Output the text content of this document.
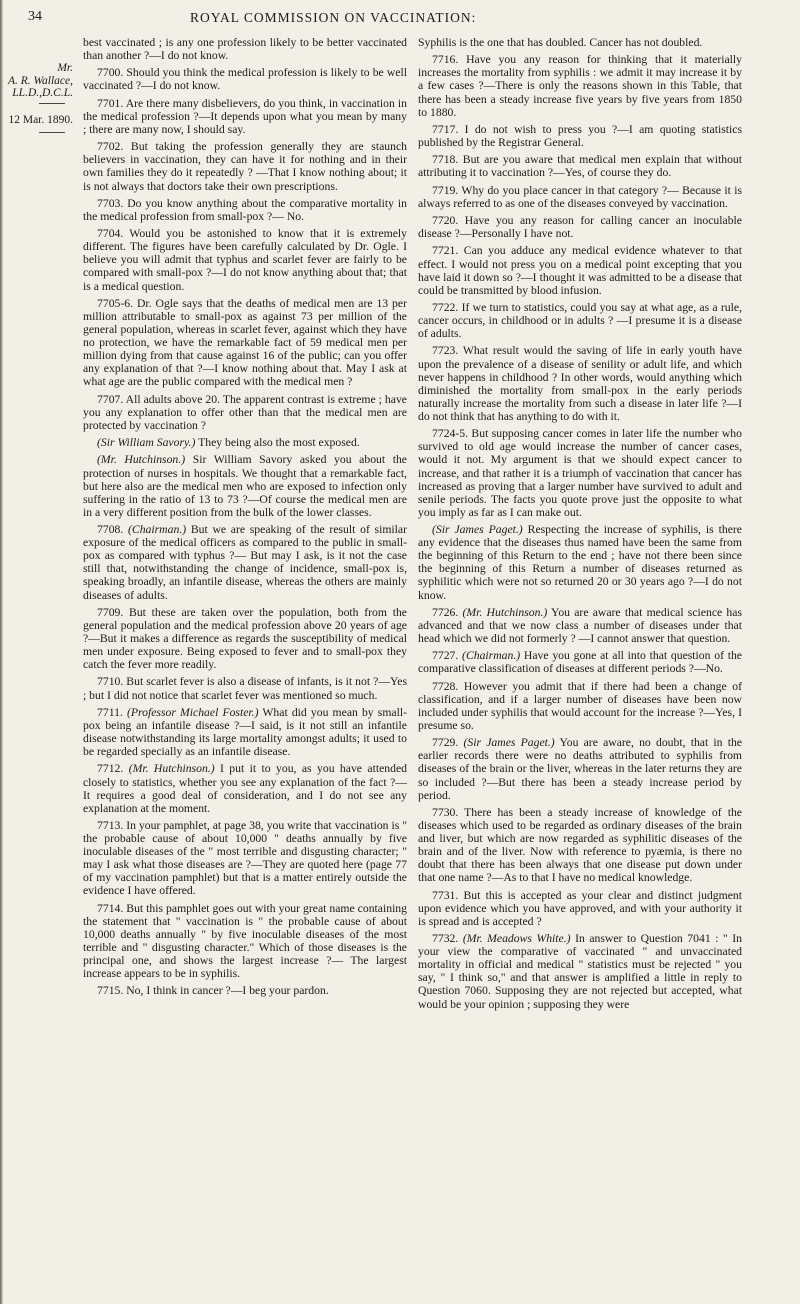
34	ROYAL COMMISSION ON VACCINATION:
Mr.
A. R. Wallace,
LL.D.,D.C.L.
12 Mar. 1890.

best vaccinated ; is any one profession likely to be better vaccinated than another ?—I do not know.

7700. Should you think the medical profession is likely to be well vaccinated ?—I do not know.

7701. Are there many disbelievers, do you think, in vaccination in the medical profession ?—It depends upon what you mean by many ; there are many now, I should say.

7702. But taking the profession generally they are staunch believers in vaccination, they can have it for nothing and in their own families they do it repeatedly ? —That I know nothing about; it is not always that doctors take their own prescriptions.

7703. Do you know anything about the comparative mortality in the medical profession from small-pox ?— No.

7704. Would you be astonished to know that it is extremely different. The figures have been carefully calculated by Dr. Ogle. I believe you will admit that typhus and scarlet fever are fairly to be compared with small-pox ?—I do not know anything about that; that is a medical question.

7705-6. Dr. Ogle says that the deaths of medical men are 13 per million attributable to small-pox as against 73 per million of the general population, whereas in scarlet fever, against which they have no protection, we have the remarkable fact of 59 medical men per million dying from that cause against 16 of the public; can you offer any explanation of that ?—I know nothing about that. May I ask at what age are the public compared with the medical men ?

7707. All adults above 20. The apparent contrast is extreme ; have you any explanation to offer other than that the medical men are protected by vaccination ?

(Sir William Savory.) They being also the most exposed.

(Mr. Hutchinson.) Sir William Savory asked you about the protection of nurses in hospitals. We thought that a remarkable fact, but here also are the medical men who are exposed to infection only suffering in the ratio of 13 to 73 ?—Of course the medical men are in a very different position from the bulk of the lower classes.

7708. (Chairman.) But we are speaking of the result of similar exposure of the medical officers as compared to the public in small-pox as compared with typhus ?— But may I ask, is it not the case still that, notwithstanding the change of incidence, small-pox is, speaking broadly, an infantile disease, whereas the others are mainly diseases of adults.

7709. But these are taken over the population, both from the general population and the medical profession above 20 years of age ?—But it makes a difference as regards the susceptibility of medical men under exposure. Being exposed to fever and to small-pox they catch the fever more readily.

7710. But scarlet fever is also a disease of infants, is it not ?—Yes ; but I did not notice that scarlet fever was mentioned so much.

7711. (Professor Michael Foster.) What did you mean by small-pox being an infantile disease ?—I said, is it not still an infantile disease notwithstanding its large mortality amongst adults; it used to be regarded specially as an infantile disease.

7712. (Mr. Hutchinson.) I put it to you, as you have attended closely to statistics, whether you see any explanation of the fact ?—It requires a good deal of consideration, and I do not see any explanation at the moment.

7713. In your pamphlet, at page 38, you write that vaccination is " the probable cause of about 10,000 " deaths annually by five inoculable diseases of the " most terrible and disgusting character; " may I ask what those diseases are ?—They are quoted here (page 77 of my vaccination pamphlet) but that is a matter entirely outside the evidence I have offered.

7714. But this pamphlet goes out with your great name containing the statement that " vaccination is " the probable cause of about 10,000 deaths annually " by five inoculable diseases of the most terrible and " disgusting character." Which of those diseases is the principal one, and shows the largest increase ?— The largest increase appears to be in syphilis.

7715. No, I think in cancer ?—I beg your pardon.

Syphilis is the one that has doubled. Cancer has not doubled.

7716. Have you any reason for thinking that it materially increases the mortality from syphilis : we admit it may increase it by a few cases ?—There is only the reasons shown in this Table, that there has been a steady increase five years by five years from 1850 to 1880.

7717. I do not wish to press you ?—I am quoting statistics published by the Registrar General.

7718. But are you aware that medical men explain that without attributing it to vaccination ?—Yes, of course they do.

7719. Why do you place cancer in that category ?— Because it is always referred to as one of the diseases conveyed by vaccination.

7720. Have you any reason for calling cancer an inoculable disease ?—Personally I have not.

7721. Can you adduce any medical evidence whatever to that effect. I would not press you on a medical point excepting that you have laid it down so ?—I thought it was admitted to be a disease that could be transmitted by blood infusion.

7722. If we turn to statistics, could you say at what age, as a rule, cancer occurs, in childhood or in adults ? —I presume it is a disease of adults.

7723. What result would the saving of life in early youth have upon the prevalence of a disease of senility or adult life, and which never happens in childhood ? In other words, would anything which diminished the mortality from small-pox in the early periods naturally increase the mortality from such a disease in later life ?—I do not think that has anything to do with it.

7724-5. But supposing cancer comes in later life the number who survived to old age would increase the number of cancer cases, would it not. My argument is that we should expect cancer to increase, and that rather it is a triumph of vaccination that cancer has increased as proving that a larger number have survived to adult and senile periods. The facts you quote prove just the opposite to what you imply as far as I can make out.

(Sir James Paget.) Respecting the increase of syphilis, is there any evidence that the diseases thus named have been the same from the beginning of this Return to the end ; have not there been since the beginning of this Return a number of diseases returned as syphilitic which were not so returned 20 or 30 years ago ?—I do not know.

7726. (Mr. Hutchinson.) You are aware that medical science has advanced and that we now class a number of diseases under that head which we did not formerly ? —I cannot answer that question.

7727. (Chairman.) Have you gone at all into that question of the comparative classification of diseases at different periods ?—No.

7728. However you admit that if there had been a change of classification, and if a larger number of diseases have been now included under syphilis that would account for the increase ?—Yes, I presume so.

7729. (Sir James Paget.) You are aware, no doubt, that in the earlier records there were no deaths attributed to syphilis from diseases of the brain or the liver, whereas in the later returns they are so included ?—But there has been a steady increase period by period.

7730. There has been a steady increase of knowledge of the diseases which used to be regarded as ordinary diseases of the brain and liver, but which are now regarded as syphilitic diseases of the brain and of the liver. Now with reference to pyæmia, is there no doubt that there has been always that one disease put down under that one name ?—As to that I have no medical knowledge.

7731. But this is accepted as your clear and distinct judgment upon evidence which you have approved, and with your authority it is spread and is accepted ?

7732. (Mr. Meadows White.) In answer to Question 7041 : " In your view the comparative of vaccinated " and unvaccinated mortality in official and medical " statistics must be rejected " you say, " I think so," and that answer is amplified a little in reply to Question 7060. Supposing they are not rejected but accepted, what would be your opinion ; supposing they were
